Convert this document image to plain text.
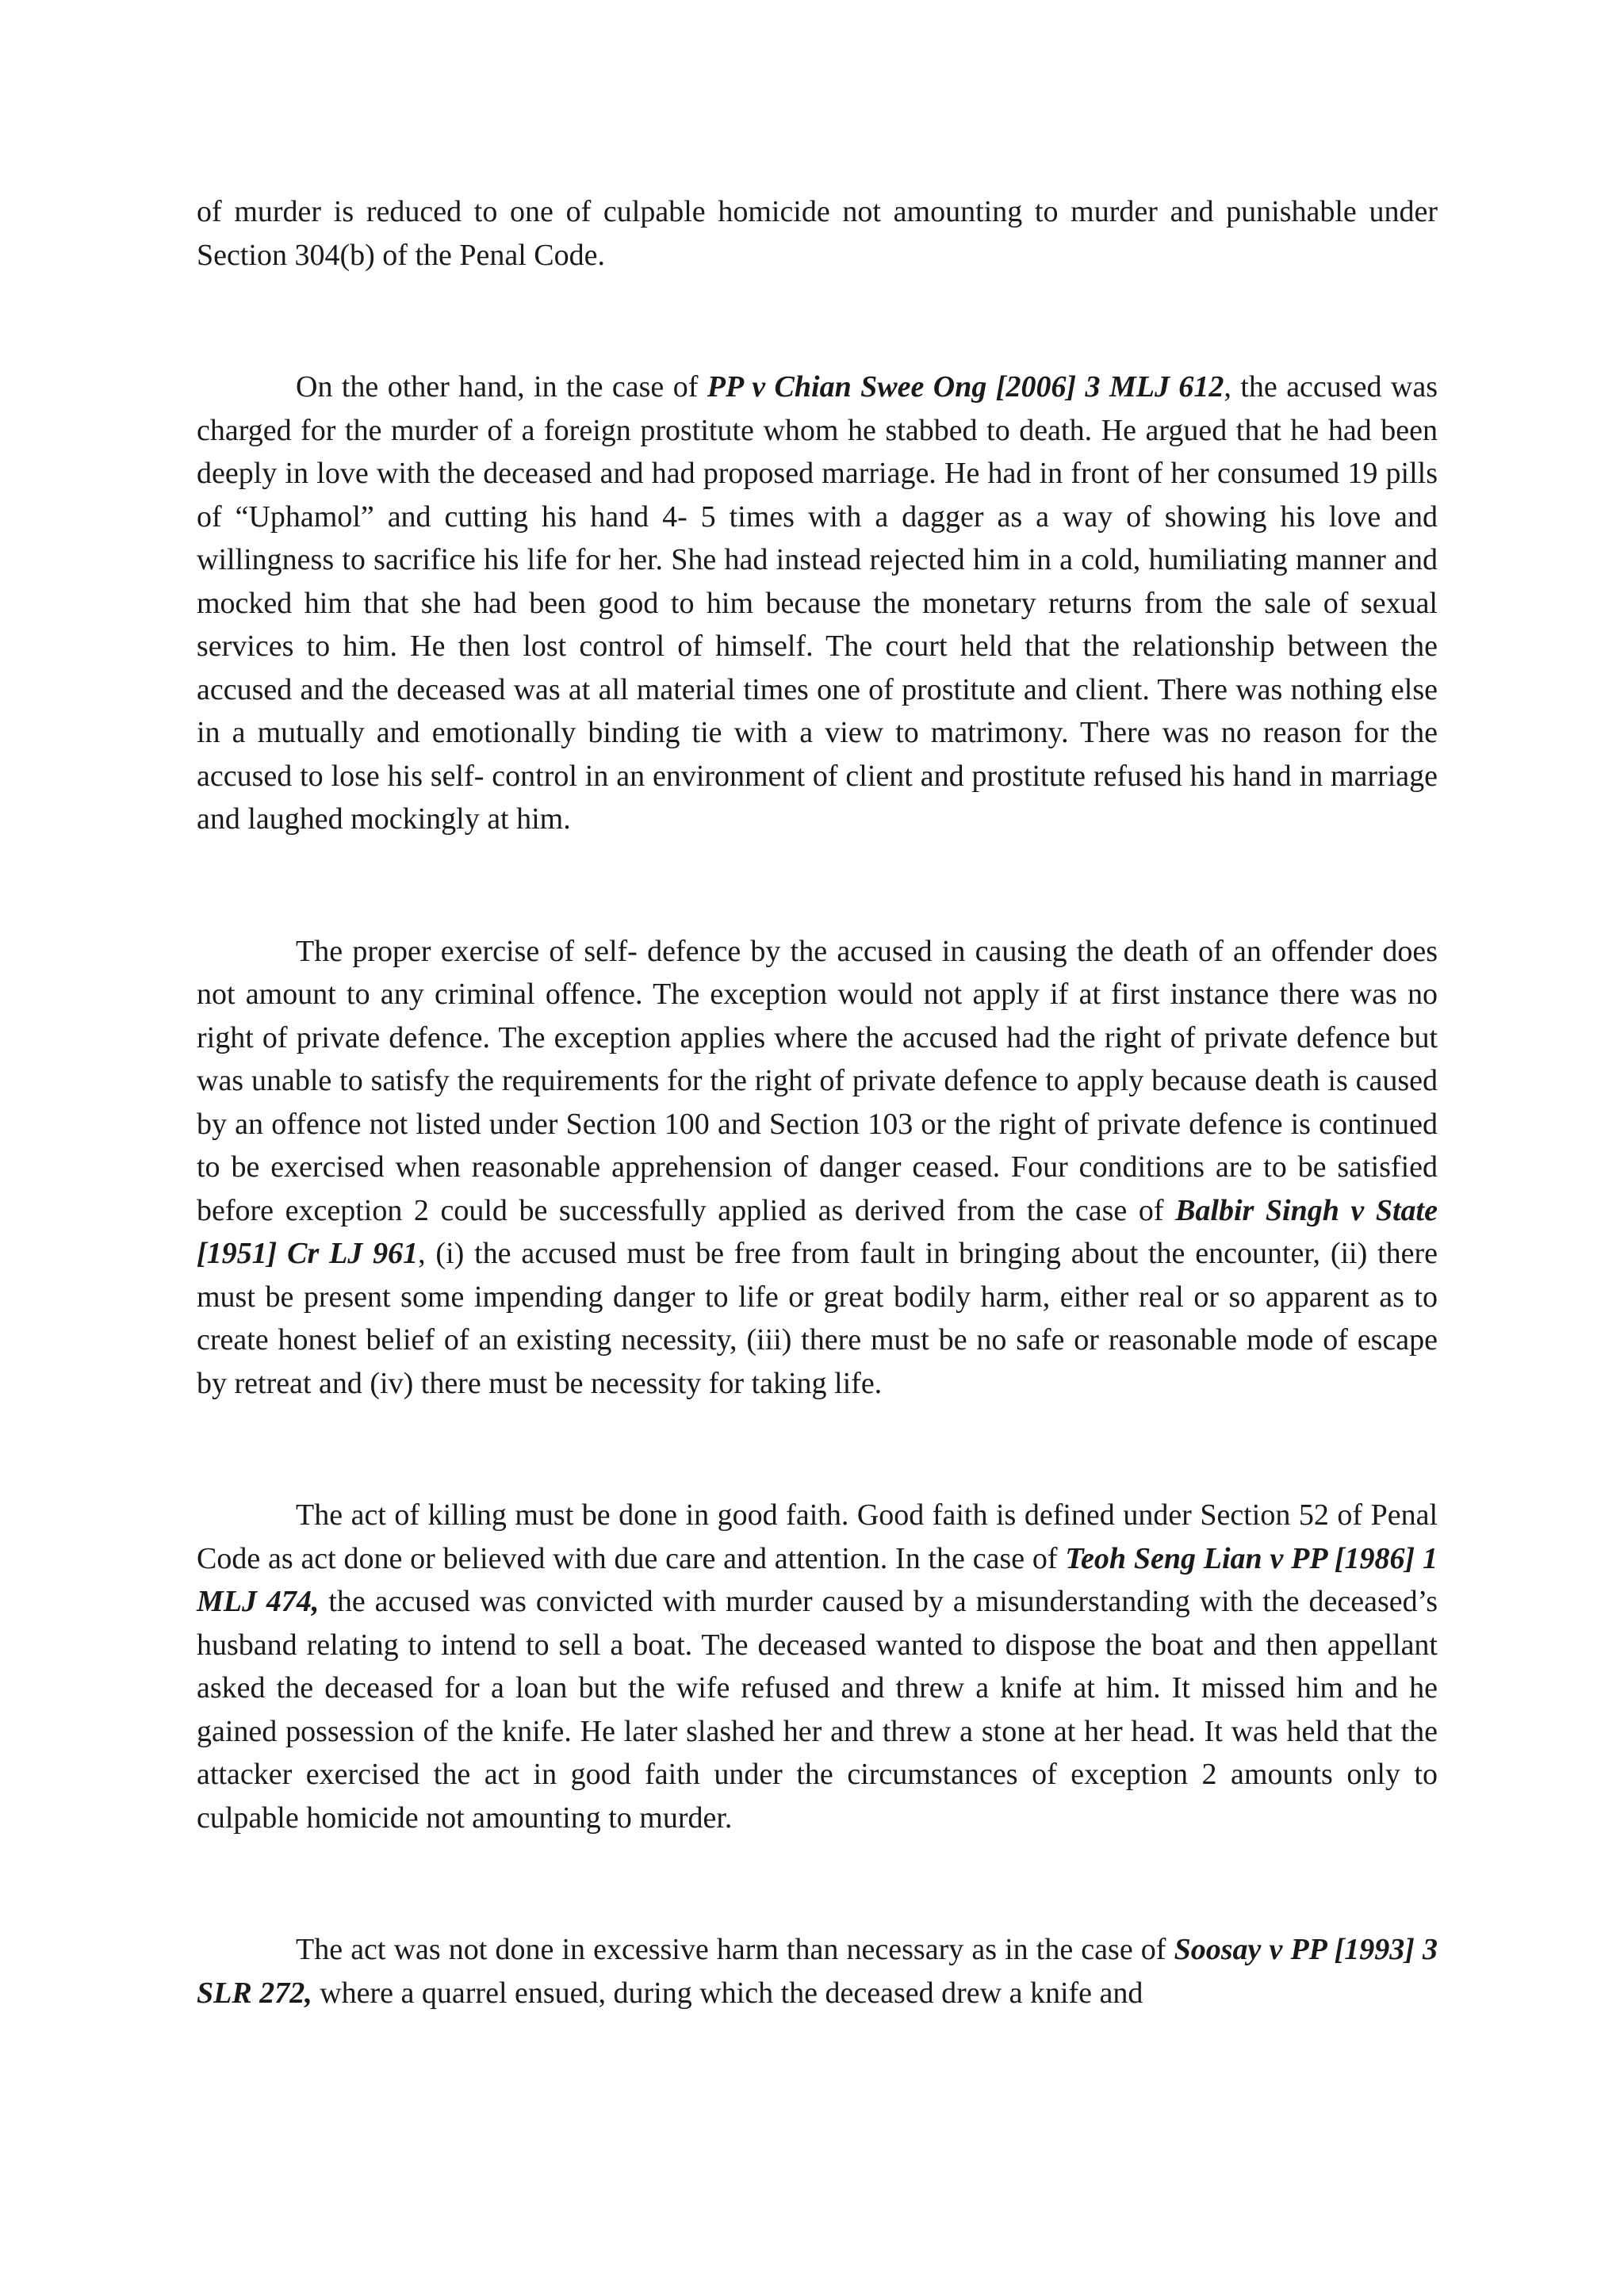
of murder is reduced to one of culpable homicide not amounting to murder and punishable under Section 304(b) of the Penal Code.

On the other hand, in the case of PP v Chian Swee Ong [2006] 3 MLJ 612, the accused was charged for the murder of a foreign prostitute whom he stabbed to death. He argued that he had been deeply in love with the deceased and had proposed marriage. He had in front of her consumed 19 pills of “Uphamol” and cutting his hand 4- 5 times with a dagger as a way of showing his love and willingness to sacrifice his life for her. She had instead rejected him in a cold, humiliating manner and mocked him that she had been good to him because the monetary returns from the sale of sexual services to him. He then lost control of himself. The court held that the relationship between the accused and the deceased was at all material times one of prostitute and client. There was nothing else in a mutually and emotionally binding tie with a view to matrimony. There was no reason for the accused to lose his self- control in an environment of client and prostitute refused his hand in marriage and laughed mockingly at him.

The proper exercise of self- defence by the accused in causing the death of an offender does not amount to any criminal offence. The exception would not apply if at first instance there was no right of private defence. The exception applies where the accused had the right of private defence but was unable to satisfy the requirements for the right of private defence to apply because death is caused by an offence not listed under Section 100 and Section 103 or the right of private defence is continued to be exercised when reasonable apprehension of danger ceased. Four conditions are to be satisfied before exception 2 could be successfully applied as derived from the case of Balbir Singh v State [1951] Cr LJ 961, (i) the accused must be free from fault in bringing about the encounter, (ii) there must be present some impending danger to life or great bodily harm, either real or so apparent as to create honest belief of an existing necessity, (iii) there must be no safe or reasonable mode of escape by retreat and (iv) there must be necessity for taking life.

The act of killing must be done in good faith. Good faith is defined under Section 52 of Penal Code as act done or believed with due care and attention. In the case of Teoh Seng Lian v PP [1986] 1 MLJ 474, the accused was convicted with murder caused by a misunderstanding with the deceased’s husband relating to intend to sell a boat. The deceased wanted to dispose the boat and then appellant asked the deceased for a loan but the wife refused and threw a knife at him. It missed him and he gained possession of the knife. He later slashed her and threw a stone at her head. It was held that the attacker exercised the act in good faith under the circumstances of exception 2 amounts only to culpable homicide not amounting to murder.

The act was not done in excessive harm than necessary as in the case of Soosay v PP [1993] 3 SLR 272, where a quarrel ensued, during which the deceased drew a knife and
